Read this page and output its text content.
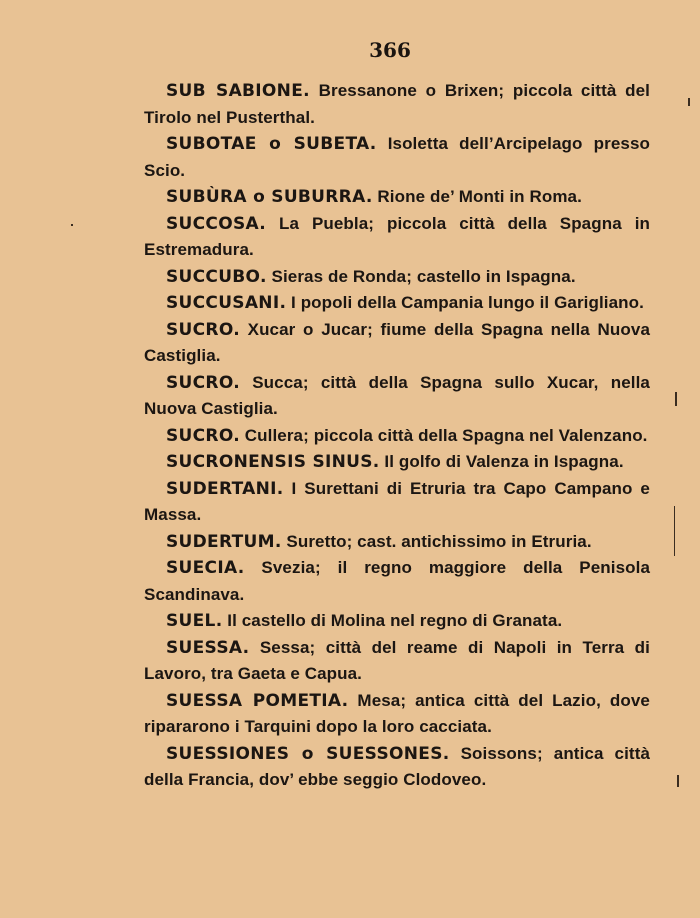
366

SUB SABIONE. Bressanone o Brixen; piccola città del Tirolo nel Pusterthal.

SUBOTAE o SUBETA. Isoletta dell’Arcipelago presso Scio.

SUBÙRA o SUBURRA. Rione de’ Monti in Roma.

SUCCOSA. La Puebla; piccola città della Spagna in Estremadura.

SUCCUBO. Sieras de Ronda; castello in Ispagna.

SUCCUSANI. I popoli della Campania lungo il Garigliano.

SUCRO. Xucar o Jucar; fiume della Spagna nella Nuova Castiglia.

SUCRO. Succa; città della Spagna sullo Xucar, nella Nuova Castiglia.

SUCRO. Cullera; piccola città della Spagna nel Valenzano.

SUCRONENSIS SINUS. Il golfo di Valenza in Ispagna.

SUDERTANI. I Surettani di Etruria tra Capo Campano e Massa.

SUDERTUM. Suretto; cast. antichissimo in Etruria.

SUECIA. Svezia; il regno maggiore della Penisola Scandinava.

SUEL. Il castello di Molina nel regno di Granata.

SUESSA. Sessa; città del reame di Napoli in Terra di Lavoro, tra Gaeta e Capua.

SUESSA POMETIA. Mesa; antica città del Lazio, dove ripararono i Tarquini dopo la loro cacciata.

SUESSIONES o SUESSONES. Soissons; antica città della Francia, dov’ ebbe seggio Clodoveo.
